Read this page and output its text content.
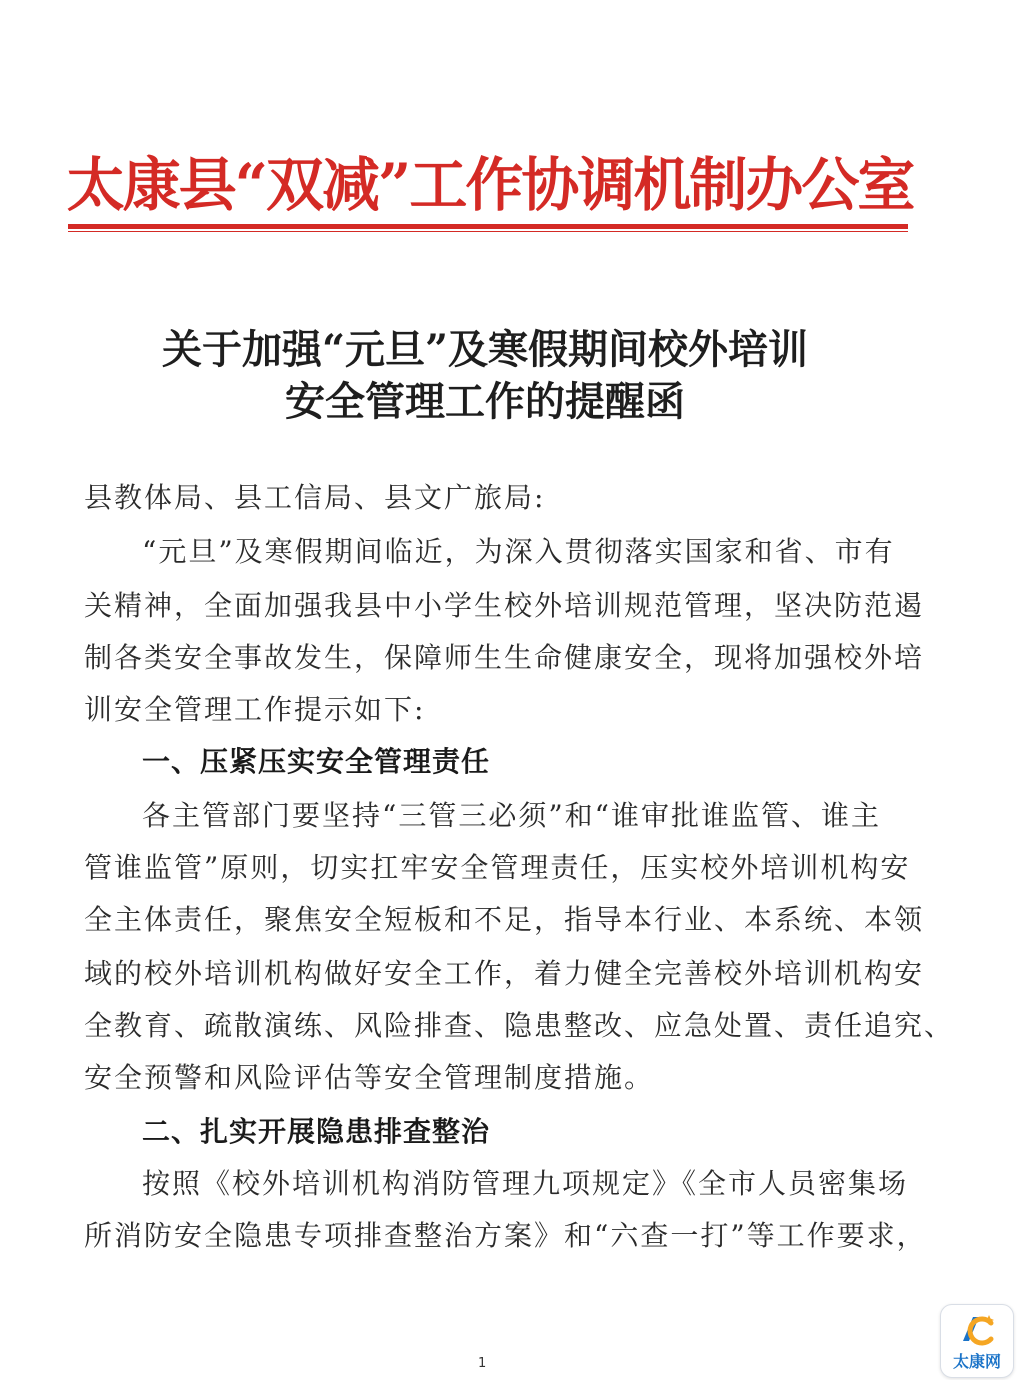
太康县“双减”工作协调机制办公室
关于加强“元旦”及寒假期间校外培训
安全管理工作的提醒函
县教体局、县工信局、县文广旅局:
“元旦”及寒假期间临近，为深入贯彻落实国家和省、市有
关精神，全面加强我县中小学生校外培训规范管理，坚决防范遏
制各类安全事故发生，保障师生生命健康安全，现将加强校外培
训安全管理工作提示如下:
一、压紧压实安全管理责任
各主管部门要坚持“三管三必须”和“谁审批谁监管、谁主
管谁监管”原则，切实扛牢安全管理责任，压实校外培训机构安
全主体责任，聚焦安全短板和不足，指导本行业、本系统、本领
域的校外培训机构做好安全工作，着力健全完善校外培训机构安
全教育、疏散演练、风险排查、隐患整改、应急处置、责任追究、
安全预警和风险评估等安全管理制度措施。
二、扎实开展隐患排查整治
按照《校外培训机构消防管理九项规定》《全市人员密集场
所消防安全隐患专项排查整治方案》和“六查一打”等工作要求，
1	太康网
